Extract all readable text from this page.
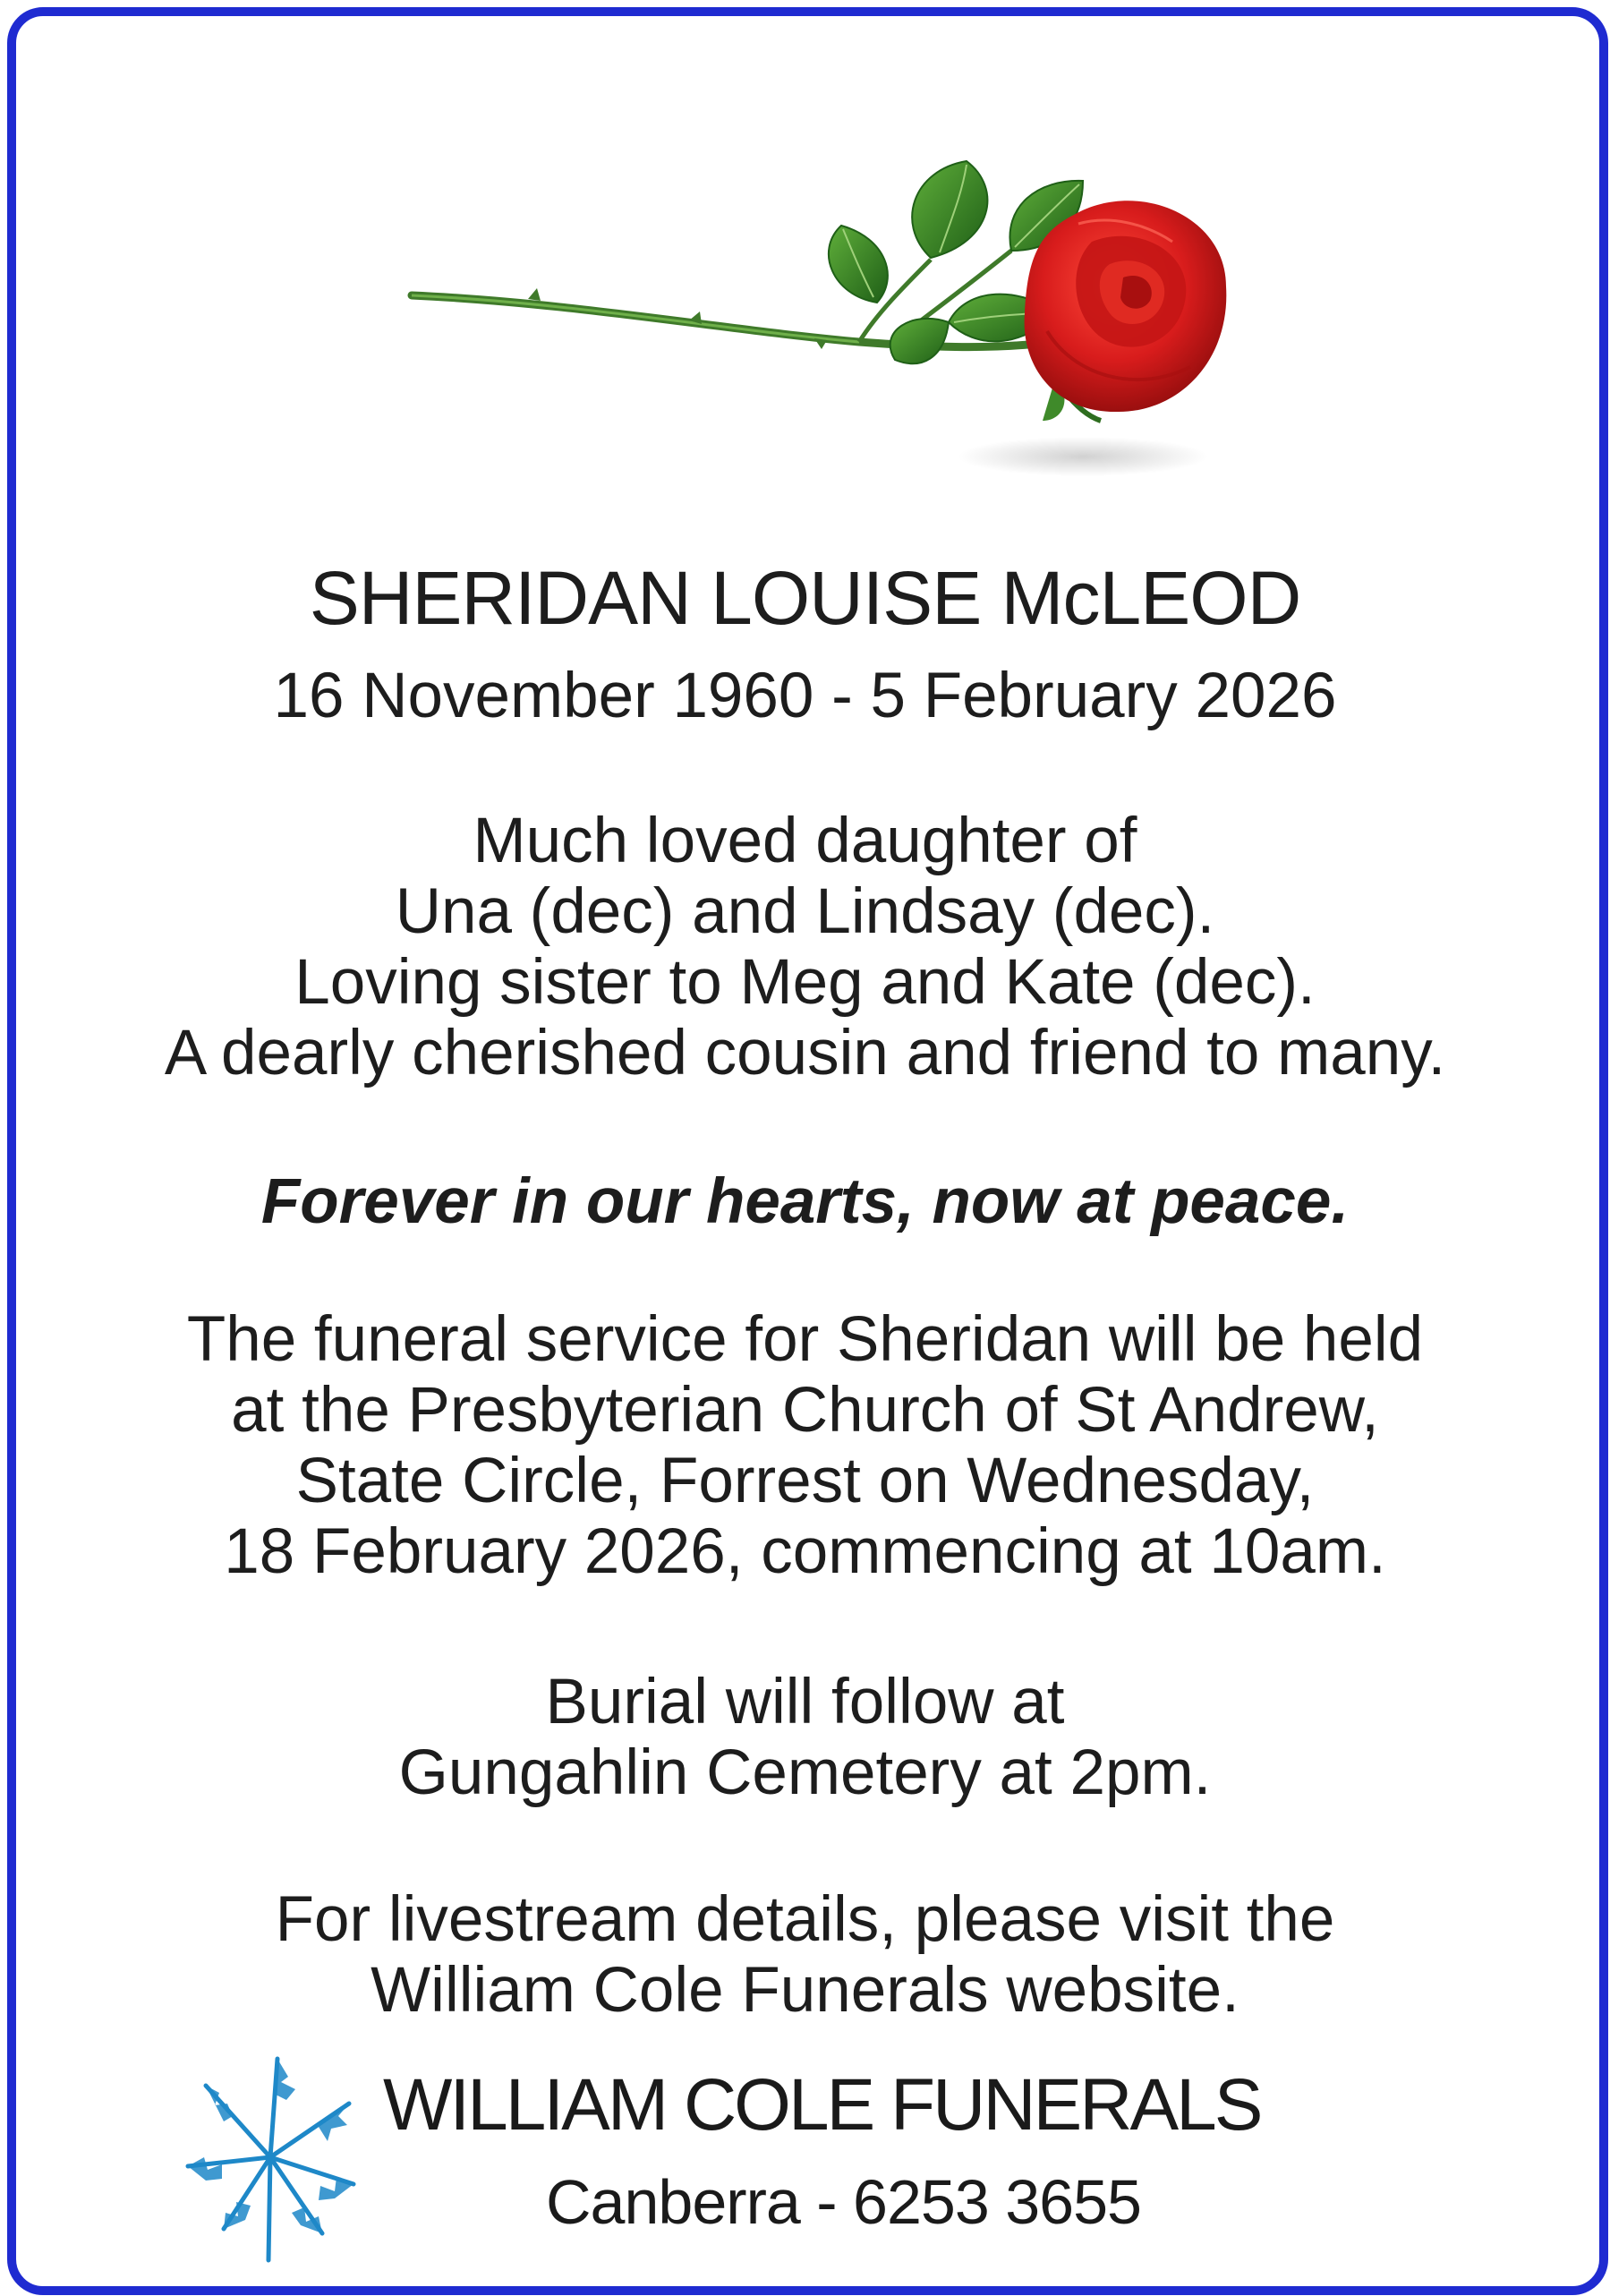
SHERIDAN LOUISE McLEOD
16 November 1960 - 5 February 2026
Much loved daughter of
Una (dec) and Lindsay (dec).
Loving sister to Meg and Kate (dec).
A dearly cherished cousin and friend to many.
Forever in our hearts, now at peace.
The funeral service for Sheridan will be held
at the Presbyterian Church of St Andrew,
State Circle, Forrest on Wednesday,
18 February 2026, commencing at 10am.
Burial will follow at
Gungahlin Cemetery at 2pm.
For livestream details, please visit the
William Cole Funerals website.
WILLIAM COLE FUNERALS
Canberra - 6253 3655
